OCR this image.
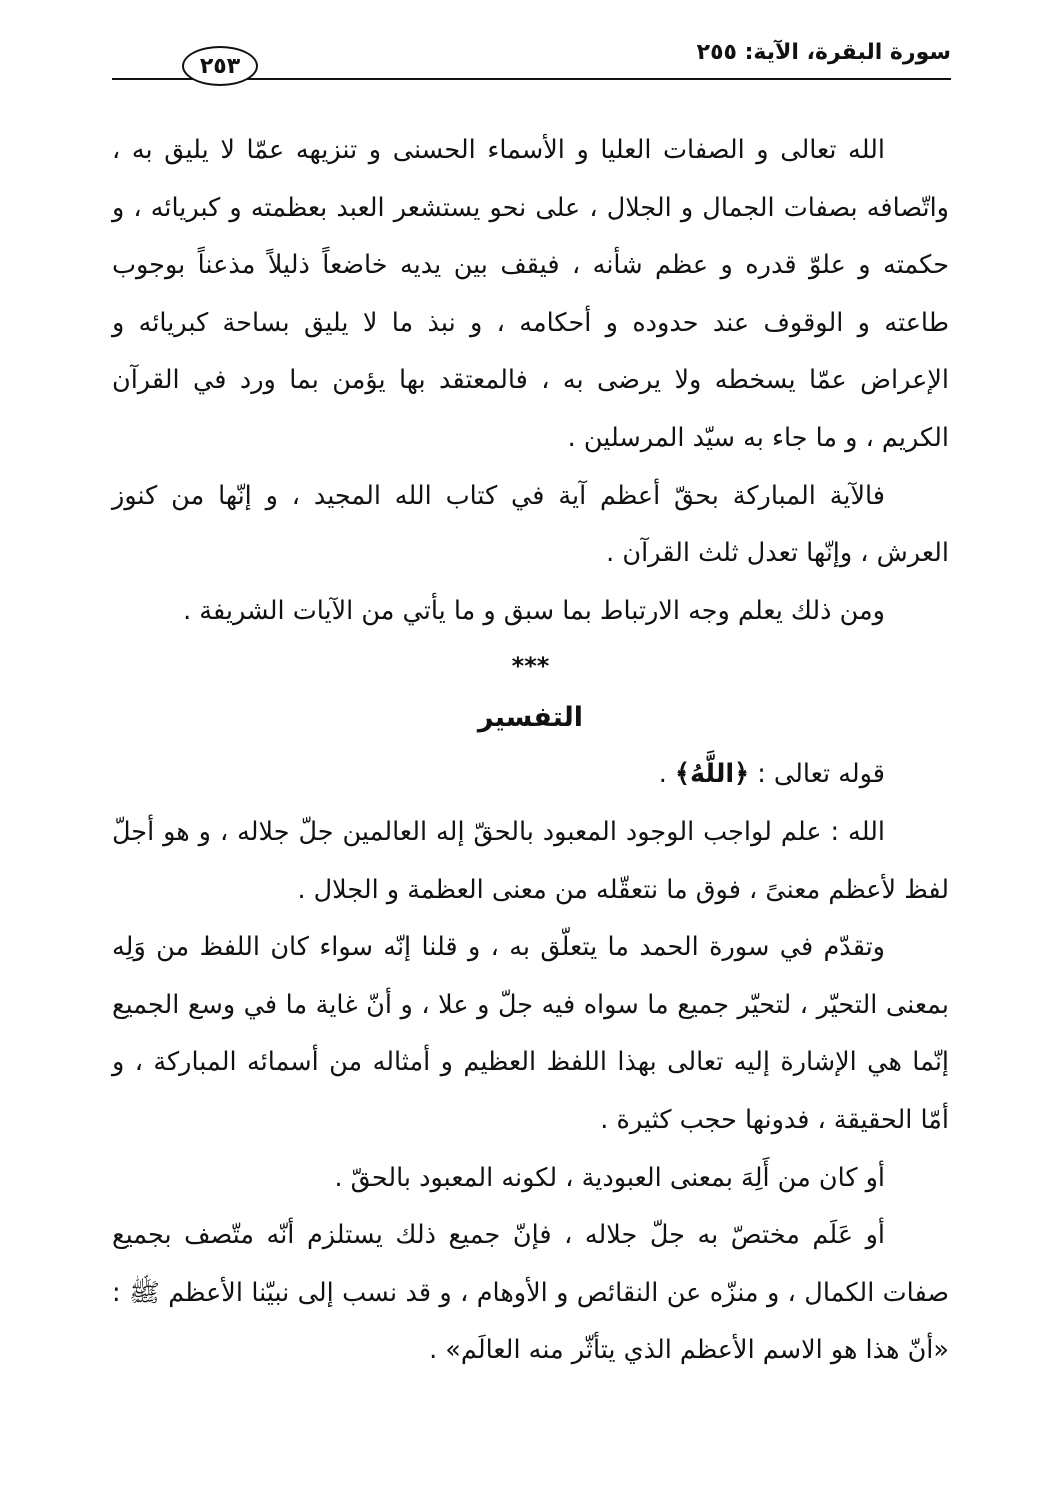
سورة البقرة، الآية: ٢٥٥
٢٥٣

الله تعالى و الصفات العليا و الأسماء الحسنى و تنزيهه عمّا لا يليق به ، واتّصافه بصفات الجمال و الجلال ، على نحو يستشعر العبد بعظمته و كبريائه ، و حكمته و علوّ قدره و عظم شأنه ، فيقف بين يديه خاضعاً ذليلاً مذعناً بوجوب طاعته و الوقوف عند حدوده و أحكامه ، و نبذ ما لا يليق بساحة كبريائه و الإعراض عمّا يسخطه ولا يرضى به ، فالمعتقد بها يؤمن بما ورد في القرآن الكريم ، و ما جاء به سيّد المرسلين .

فالآية المباركة بحقّ أعظم آية في كتاب الله المجيد ، و إنّها من كنوز العرش ، وإنّها تعدل ثلث القرآن .

ومن ذلك يعلم وجه الارتباط بما سبق و ما يأتي من الآيات الشريفة .

***
التفسير

قوله تعالى : ﴿اللَّهُ﴾ .

الله : علم لواجب الوجود المعبود بالحقّ إله العالمين جلّ جلاله ، و هو أجلّ لفظ لأعظم معنىً ، فوق ما نتعقّله من معنى العظمة و الجلال .

وتقدّم في سورة الحمد ما يتعلّق به ، و قلنا إنّه سواء كان اللفظ من وَلِه بمعنى التحيّر ، لتحيّر جميع ما سواه فيه جلّ و علا ، و أنّ غاية ما في وسع الجميع إنّما هي الإشارة إليه تعالى بهذا اللفظ العظيم و أمثاله من أسمائه المباركة ، و أمّا الحقيقة ، فدونها حجب كثيرة .

أو كان من أَلِهَ بمعنى العبودية ، لكونه المعبود بالحقّ .

أو عَلَم مختصّ به جلّ جلاله ، فإنّ جميع ذلك يستلزم أنّه متّصف بجميع صفات الكمال ، و منزّه عن النقائص و الأوهام ، و قد نسب إلى نبيّنا الأعظم ﷺ : «أنّ هذا هو الاسم الأعظم الذي يتأثّر منه العالَم» .
